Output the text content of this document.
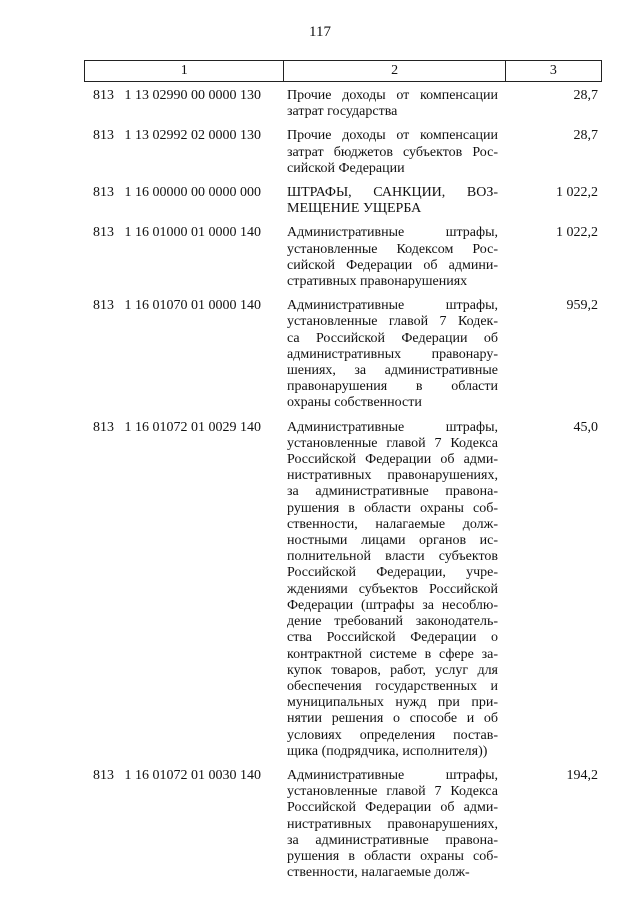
117
1	2	3
813 1 13 02990 00 0000 130	Прочие доходы от компенсации
затрат государства
28,7
813 1 13 02992 02 0000 130	Прочие доходы от компенсации
затрат бюджетов субъектов Рос-
сийской Федерации
28,7
813 1 16 00000 00 0000 000	ШТРАФЫ, САНКЦИИ, ВОЗ-
МЕЩЕНИЕ УЩЕРБА
1 022,2
813 1 16 01000 01 0000 140	Административные штрафы,
установленные Кодексом Рос-
сийской Федерации об админи-
стративных правонарушениях
1 022,2
813 1 16 01070 01 0000 140	Административные штрафы,
установленные главой 7 Кодек-
са Российской Федерации об
административных правонару-
шениях, за административные
правонарушения в области
охраны собственности
959,2
813 1 16 01072 01 0029 140	Административные штрафы,
установленные главой 7 Кодекса
Российской Федерации об адми-
нистративных правонарушениях,
за административные правона-
рушения в области охраны соб-
ственности, налагаемые долж-
ностными лицами органов ис-
полнительной власти субъектов
Российской Федерации, учре-
ждениями субъектов Российской
Федерации (штрафы за несоблю-
дение требований законодатель-
ства Российской Федерации о
контрактной системе в сфере за-
купок товаров, работ, услуг для
обеспечения государственных и
муниципальных нужд при при-
нятии решения о способе и об
условиях определения постав-
щика (подрядчика, исполнителя))
45,0
813 1 16 01072 01 0030 140	Административные штрафы,
установленные главой 7 Кодекса
Российской Федерации об адми-
нистративных правонарушениях,
за административные правона-
рушения в области охраны соб-
ственности, налагаемые долж-
194,2
